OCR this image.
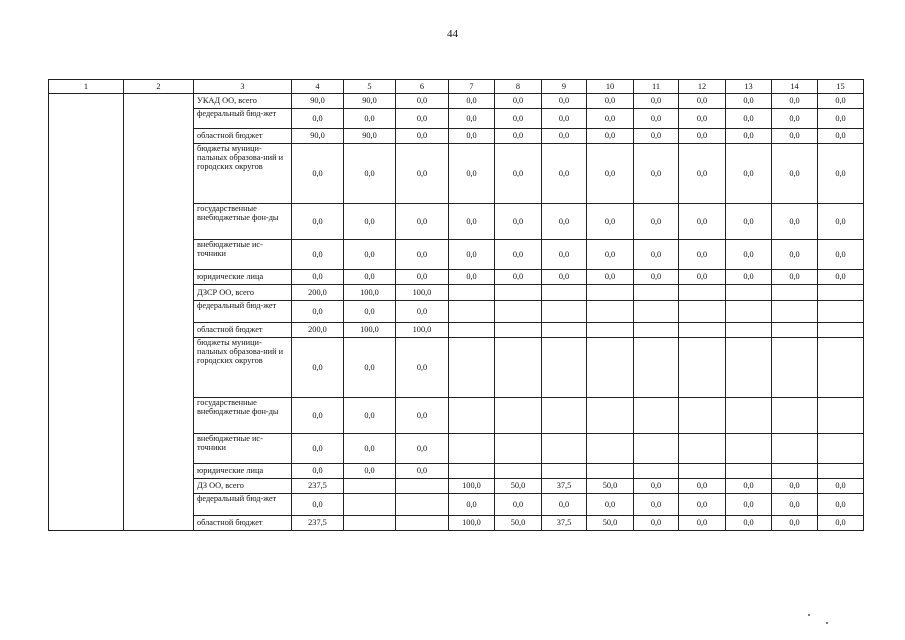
44
1	2	3	4	5	6	7	8	9	10	11	12	13	14	15
		УКАД ОО, всего	90,0	90,0	0,0	0,0	0,0	0,0	0,0	0,0	0,0	0,0	0,0	0,0
		федеральный бюд-жет	0,0	0,0	0,0	0,0	0,0	0,0	0,0	0,0	0,0	0,0	0,0	0,0
		областной бюджет	90,0	90,0	0,0	0,0	0,0	0,0	0,0	0,0	0,0	0,0	0,0	0,0
		бюджеты муници-пальных образова-ний и городских округов	0,0	0,0	0,0	0,0	0,0	0,0	0,0	0,0	0,0	0,0	0,0	0,0
		государственные внебюджетные фон-ды	0,0	0,0	0,0	0,0	0,0	0,0	0,0	0,0	0,0	0,0	0,0	0,0
		внебюджетные ис-точники	0,0	0,0	0,0	0,0	0,0	0,0	0,0	0,0	0,0	0,0	0,0	0,0
		юридические лица	0,0	0,0	0,0	0,0	0,0	0,0	0,0	0,0	0,0	0,0	0,0	0,0
		ДЗСР ОО, всего	200,0	100,0	100,0									
		федеральный бюд-жет	0,0	0,0	0,0									
		областной бюджет	200,0	100,0	100,0									
		бюджеты муници-пальных образова-ний и городских округов	0,0	0,0	0,0									
		государственные внебюджетные фон-ды	0,0	0,0	0,0									
		внебюджетные ис-точники	0,0	0,0	0,0									
		юридические лица	0,0	0,0	0,0									
		ДЗ ОО, всего	237,5			100,0	50,0	37,5	50,0	0,0	0,0	0,0	0,0	0,0
		федеральный бюд-жет	0,0			0,0	0,0	0,0	0,0	0,0	0,0	0,0	0,0	0,0
		областной бюджет	237,5			100,0	50,0	37,5	50,0	0,0	0,0	0,0	0,0	0,0
